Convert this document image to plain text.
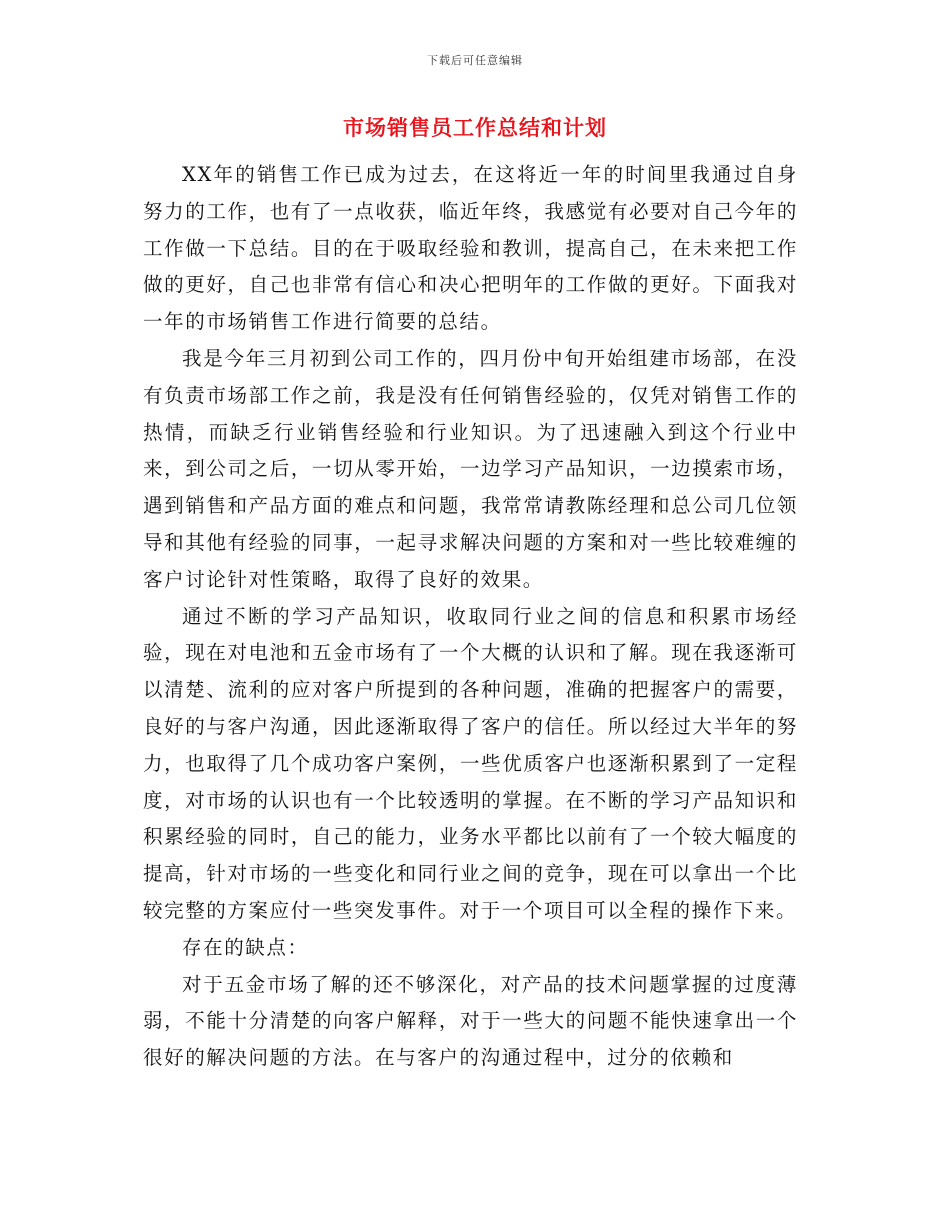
下载后可任意编辑
市场销售员工作总结和计划

XX年的销售工作已成为过去，在这将近一年的时间里我通过自身努力的工作，也有了一点收获，临近年终，我感觉有必要对自己今年的工作做一下总结。目的在于吸取经验和教训，提高自己，在未来把工作做的更好，自己也非常有信心和决心把明年的工作做的更好。下面我对一年的市场销售工作进行简要的总结。

我是今年三月初到公司工作的，四月份中旬开始组建市场部，在没有负责市场部工作之前，我是没有任何销售经验的，仅凭对销售工作的热情，而缺乏行业销售经验和行业知识。为了迅速融入到这个行业中来，到公司之后，一切从零开始，一边学习产品知识，一边摸索市场，遇到销售和产品方面的难点和问题，我常常请教陈经理和总公司几位领导和其他有经验的同事，一起寻求解决问题的方案和对一些比较难缠的客户讨论针对性策略，取得了良好的效果。

通过不断的学习产品知识，收取同行业之间的信息和积累市场经验，现在对电池和五金市场有了一个大概的认识和了解。现在我逐渐可以清楚、流利的应对客户所提到的各种问题，准确的把握客户的需要，良好的与客户沟通，因此逐渐取得了客户的信任。所以经过大半年的努力，也取得了几个成功客户案例，一些优质客户也逐渐积累到了一定程度，对市场的认识也有一个比较透明的掌握。在不断的学习产品知识和积累经验的同时，自己的能力，业务水平都比以前有了一个较大幅度的提高，针对市场的一些变化和同行业之间的竞争，现在可以拿出一个比较完整的方案应付一些突发事件。对于一个项目可以全程的操作下来。

存在的缺点：

对于五金市场了解的还不够深化，对产品的技术问题掌握的过度薄弱，不能十分清楚的向客户解释，对于一些大的问题不能快速拿出一个很好的解决问题的方法。在与客户的沟通过程中，过分的依赖和
